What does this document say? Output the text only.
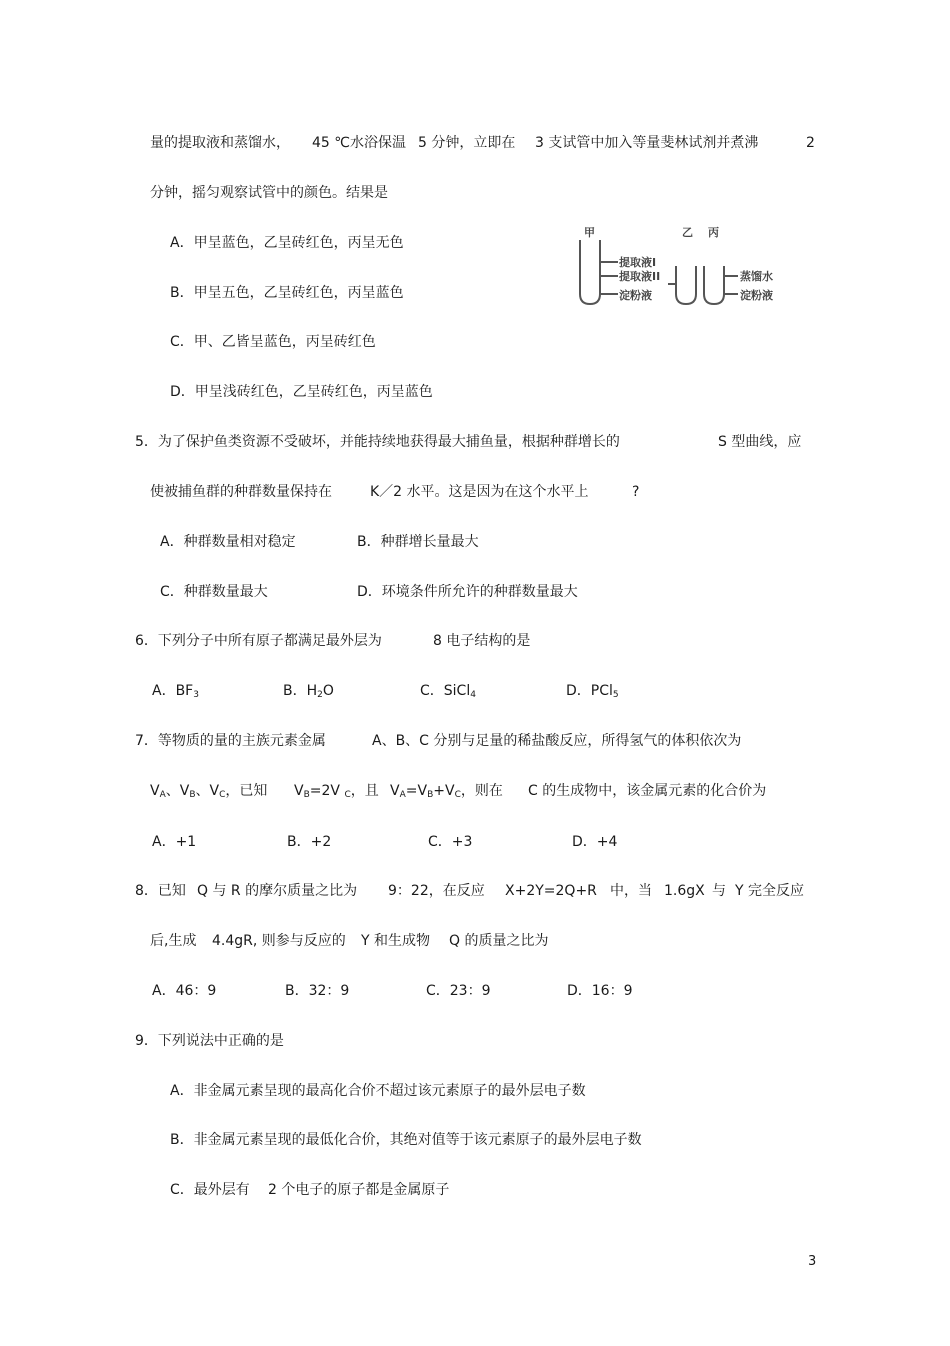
量的提取液和蒸馏水， 45 ℃水浴保温 5 分钟，立即在 3 支试管中加入等量斐林试剂并煮沸	2
分钟，摇匀观察试管中的颜色。结果是
A．甲呈蓝色，乙呈砖红色，丙呈无色
B．甲呈五色，乙呈砖红色，丙呈蓝色
C．甲、乙皆呈蓝色，丙呈砖红色
D．甲呈浅砖红色，乙呈砖红色，丙呈蓝色
甲	乙 丙
提取液I
提取液II
淀粉液
蒸馏水
淀粉液
5．为了保护鱼类资源不受破坏，并能持续地获得最大捕鱼量，根据种群增长的	S 型曲线，应
使被捕鱼群的种群数量保持在	K／2 水平。这是因为在这个水平上	?
A．种群数量相对稳定	B．种群增长量最大
C．种群数量最大	D．环境条件所允许的种群数量最大
6．下列分子中所有原子都满足最外层为	8 电子结构的是
A．$BF_3$	B．$H_2O$	C．SiCl$_4$	D．PCl$_5$
7．等物质的量的主族元素金属	A、B、C 分别与足量的稀盐酸反应，所得氢气的体积依次为
$V_A$、$V_B$、$V_C$，已知 $V_B=2V$ $_C$，且 $V_A=V_B+V_C$，则在 C 的生成物中，该金属元素的化合价为
A．+1	B．+2	C．+3	D．+4
8．已知 Q 与 R 的摩尔质量之比为 9：22，在反应 X+2Y=2Q+R 中，当 1.6gX 与 Y 完全反应
后,生成 4.4gR, 则参与反应的 Y 和生成物 Q 的质量之比为
A．46：9	B．32：9	C．23：9	D．16：9
9．下列说法中正确的是
A．非金属元素呈现的最高化合价不超过该元素原子的最外层电子数
B．非金属元素呈现的最低化合价，其绝对值等于该元素原子的最外层电子数
C．最外层有 2 个电子的原子都是金属原子
3
